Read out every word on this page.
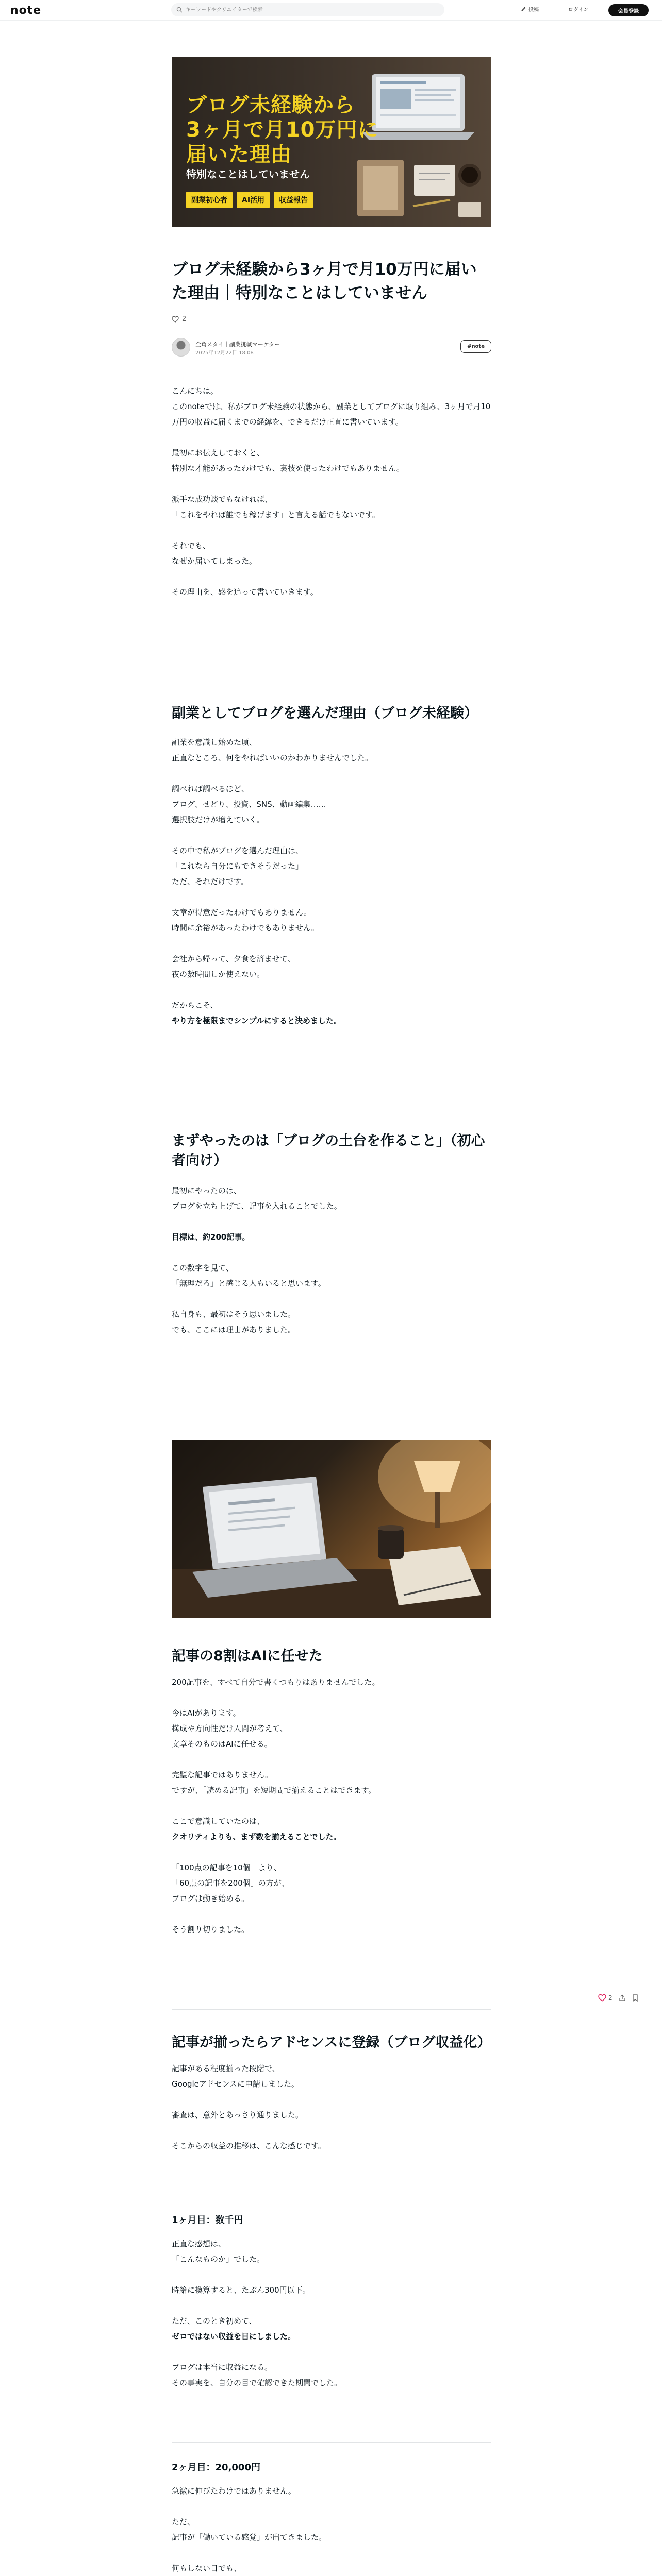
note
キーワードやクリエイターで検索	投稿	ログイン	会員登録
ブログ未経験から
3ヶ月で月10万円に
届いた理由
特別なことはしていません
副業初心者	AI活用	収益報告
ブログ未経験から3ヶ月で月10万円に届いた理由｜特別なことはしていません
2
全角スタイ｜副業挑戦マーケター
2025年12月22日 18:08
#note
こんにちは。
このnoteでは、私がブログ未経験の状態から、副業としてブログに取り組み、3ヶ月で月10万円の収益に届くまでの経緯を、できるだけ正直に書いています。
最初にお伝えしておくと、
特別な才能があったわけでも、裏技を使ったわけでもありません。
派手な成功談でもなければ、
「これをやれば誰でも稼げます」と言える話でもないです。
それでも、
なぜか届いてしまった。
その理由を、感を追って書いていきます。
副業としてブログを選んだ理由（ブログ未経験）
副業を意識し始めた頃、
正直なところ、何をやればいいのかわかりませんでした。
調べれば調べるほど、
ブログ、せどり、投資、SNS、動画編集……
選択肢だけが増えていく。
その中で私がブログを選んだ理由は、
「これなら自分にもできそうだった」
ただ、それだけです。
文章が得意だったわけでもありません。
時間に余裕があったわけでもありません。
会社から帰って、夕食を済ませて、
夜の数時間しか使えない。
だからこそ、
やり方を極限までシンプルにすると決めました。
まずやったのは「ブログの土台を作ること」（初心者向け）
最初にやったのは、
ブログを立ち上げて、記事を入れることでした。
目標は、約200記事。
この数字を見て、
「無理だろ」と感じる人もいると思います。
私自身も、最初はそう思いました。
でも、ここには理由がありました。
記事の8割はAIに任せた
200記事を、すべて自分で書くつもりはありませんでした。
今はAIがあります。
構成や方向性だけ人間が考えて、
文章そのものはAIに任せる。
完璧な記事ではありません。
ですが、「読める記事」を短期間で揃えることはできます。
ここで意識していたのは、
クオリティよりも、まず数を揃えることでした。
「100点の記事を10個」より、
「60点の記事を200個」の方が、
ブログは動き始める。
そう割り切りました。
記事が揃ったらアドセンスに登録（ブログ収益化）
記事がある程度揃った段階で、
Googleアドセンスに申請しました。
審査は、意外とあっさり通りました。
そこからの収益の推移は、こんな感じです。
1ヶ月目：数千円
正直な感想は、
「こんなものか」でした。
時給に換算すると、たぶん300円以下。
ただ、このとき初めて、
ゼロではない収益を目にしました。
ブログは本当に収益になる。
その事実を、自分の目で確認できた期間でした。
2ヶ月目：20,000円
急激に伸びたわけではありません。
ただ、
記事が「働いている感覚」が出てきました。
何もしない日でも、
2
